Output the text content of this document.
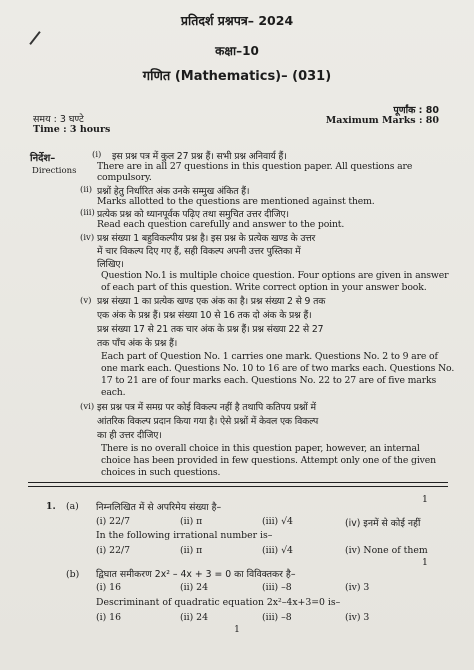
प्रतिदर्श प्रश्नपत्र– 2024
कक्षा–10
गणित (Mathematics)– (031)
समय : 3 घण्टे
Time : 3 hours
पूर्णांक : 80
Maximum Marks : 80
निर्देश–
Directions
(i) इस प्रश्न पत्र में कुल 27 प्रश्न हैं। सभी प्रश्न अनिवार्य हैं।
There are in all 27 questions in this question paper. All questions are
compulsory.
(ii) प्रश्नों हेतु निर्धारित अंक उनके सम्मुख अंकित हैं।
Marks allotted to the questions are mentioned against them.
(iii) प्रत्येक प्रश्न को ध्यानपूर्वक पढ़िए तथा समुचित उत्तर दीजिए।
Read each question carefully and answer to the point.
(iv) प्रश्न संख्या 1 बहुविकल्पीय प्रश्न है। इस प्रश्न के प्रत्येक खण्ड के उत्तर
में चार विकल्प दिए गए हैं, सही विकल्प अपनी उत्तर पुस्तिका में
लिखिए।
Question No.1 is multiple choice question. Four options are given in answer
of each part of this question. Write correct option in your answer book.
(v) प्रश्न संख्या 1 का प्रत्येक खण्ड एक अंक का है। प्रश्न संख्या 2 से 9 तक
एक अंक के प्रश्न हैं। प्रश्न संख्या 10 से 16 तक दो अंक के प्रश्न हैं।
प्रश्न संख्या 17 से 21 तक चार अंक के प्रश्न हैं। प्रश्न संख्या 22 से 27
तक पाँच अंक के प्रश्न हैं।
Each part of Question No. 1 carries one mark. Questions No. 2 to 9 are of
one mark each. Questions No. 10 to 16 are of two marks each. Questions No.
17 to 21 are of four marks each. Questions No. 22 to 27 are of five marks
each.
(vi) इस प्रश्न पत्र में समग्र पर कोई विकल्प नहीं है तथापि कतिपय प्रश्नों में
आंतरिक विकल्प प्रदान किया गया है। ऐसे प्रश्नों में केवल एक विकल्प
का ही उत्तर दीजिए।
There is no overall choice in this question paper, however, an internal
choice has been provided in few questions. Attempt only one of the given
choices in such questions.
1. (a) निम्नलिखित में से अपरिमेय संख्या है–
1
(i) 22/7	(ii) π	(iii) √4	(iv) इनमें से कोई नहीं
In the following irrational number is–
(i) 22/7	(ii) π	(iii) √4	(iv) None of them
(b) द्विघात समीकरण 2x² – 4x + 3 = 0 का विविक्तकर है–
1
(i) 16	(ii) 24	(iii) –8	(iv) 3
Descriminant of quadratic equation 2x²–4x+3=0 is–
(i) 16	(ii) 24	(iii) –8	(iv) 3
1
